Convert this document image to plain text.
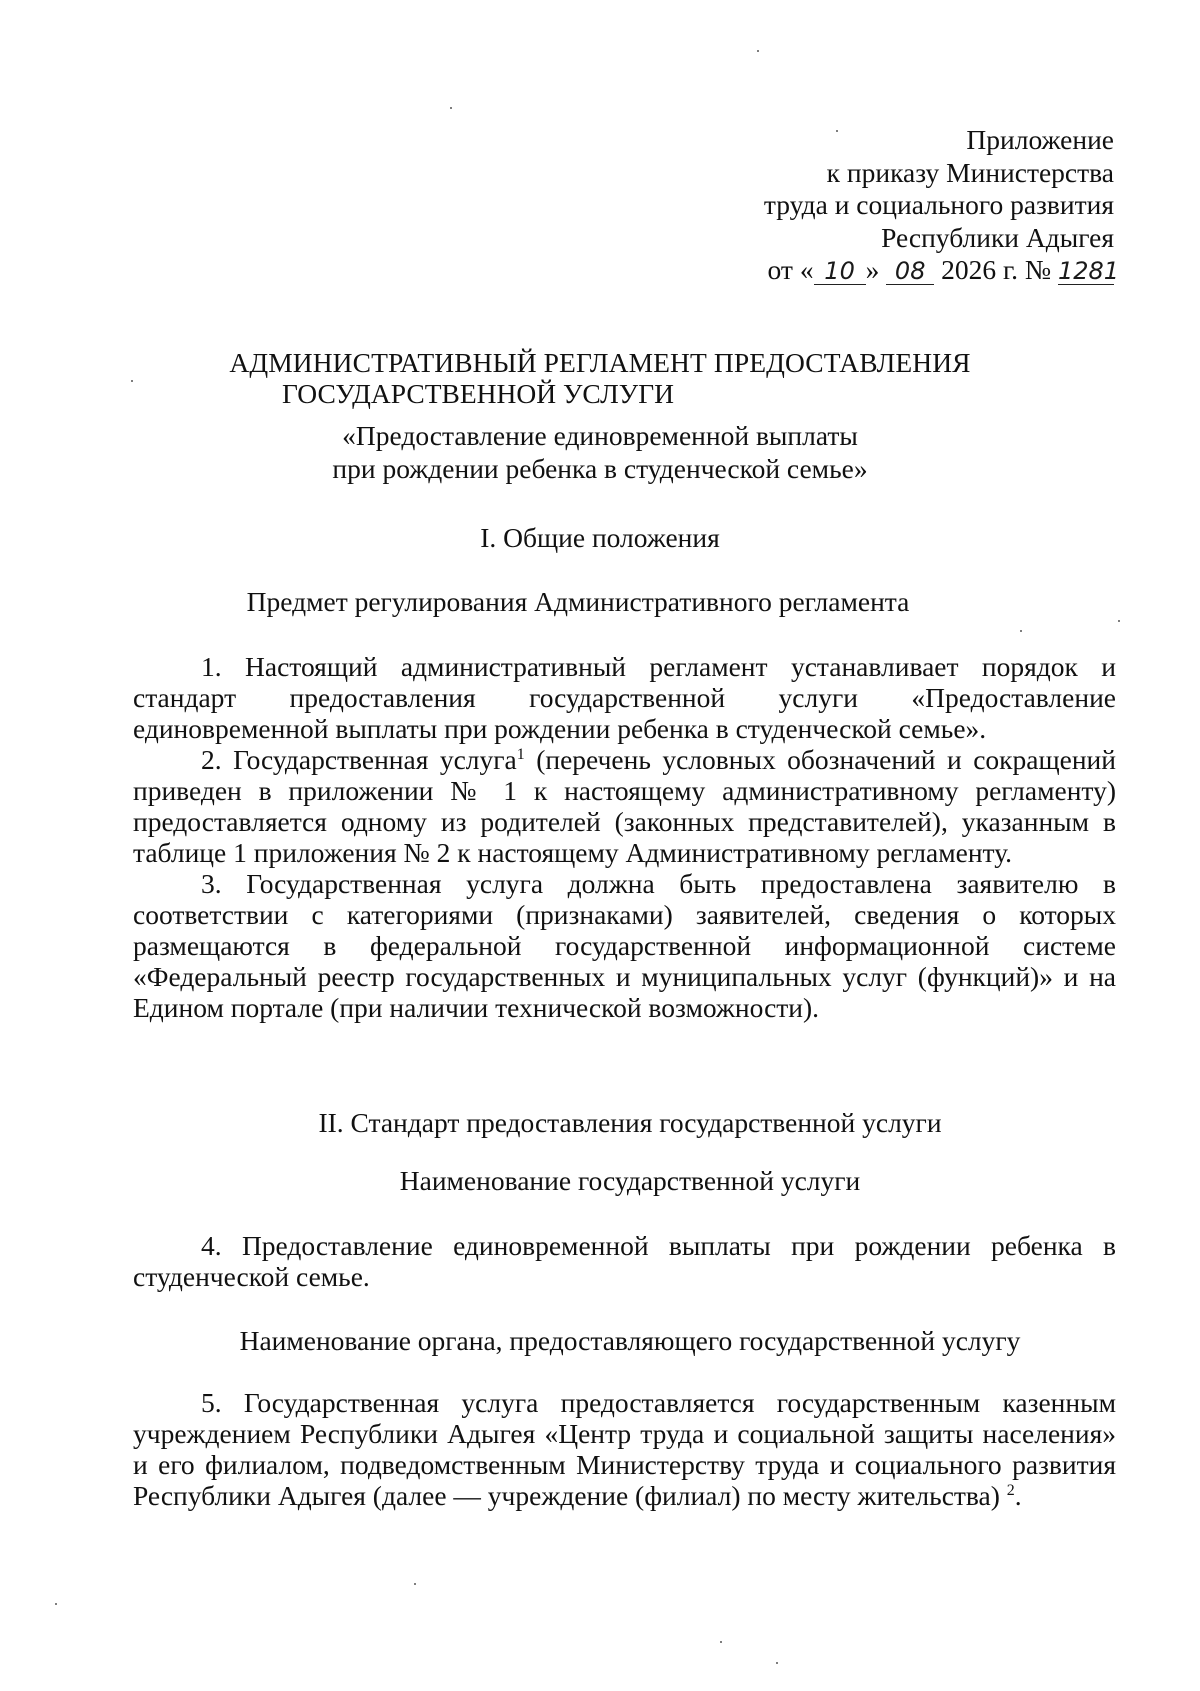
Приложение
к приказу Министерства
труда и социального развития
Республики Адыгея
от « 10 » 08 2026 г. № 1281
АДМИНИСТРАТИВНЫЙ РЕГЛАМЕНТ ПРЕДОСТАВЛЕНИЯ
ГОСУДАРСТВЕННОЙ УСЛУГИ
«Предоставление единовременной выплаты
при рождении ребенка в студенческой семье»
I. Общие положения
Предмет регулирования Административного регламента

1. Настоящий административный регламент устанавливает порядок и стандарт предоставления государственной услуги «Предоставление единовременной выплаты при рождении ребенка в студенческой семье».

2. Государственная услуга$^1$ (перечень условных обозначений и сокращений приведен в приложении № 1 к настоящему административному регламенту) предоставляется одному из родителей (законных представителей), указанным в таблице 1 приложения № 2 к настоящему Административному регламенту.

3. Государственная услуга должна быть предоставлена заявителю в соответствии с категориями (признаками) заявителей, сведения о которых размещаются в федеральной государственной информационной системе «Федеральный реестр государственных и муниципальных услуг (функций)» и на Едином портале (при наличии технической возможности).

II. Стандарт предоставления государственной услуги
Наименование государственной услуги

4. Предоставление единовременной выплаты при рождении ребенка в студенческой семье.

Наименование органа, предоставляющего государственной услугу

5. Государственная услуга предоставляется государственным казенным учреждением Республики Адыгея «Центр труда и социальной защиты населения» и его филиалом, подведомственным Министерству труда и социального развития Республики Адыгея (далее — учреждение (филиал) по месту жительства) $^2$.
